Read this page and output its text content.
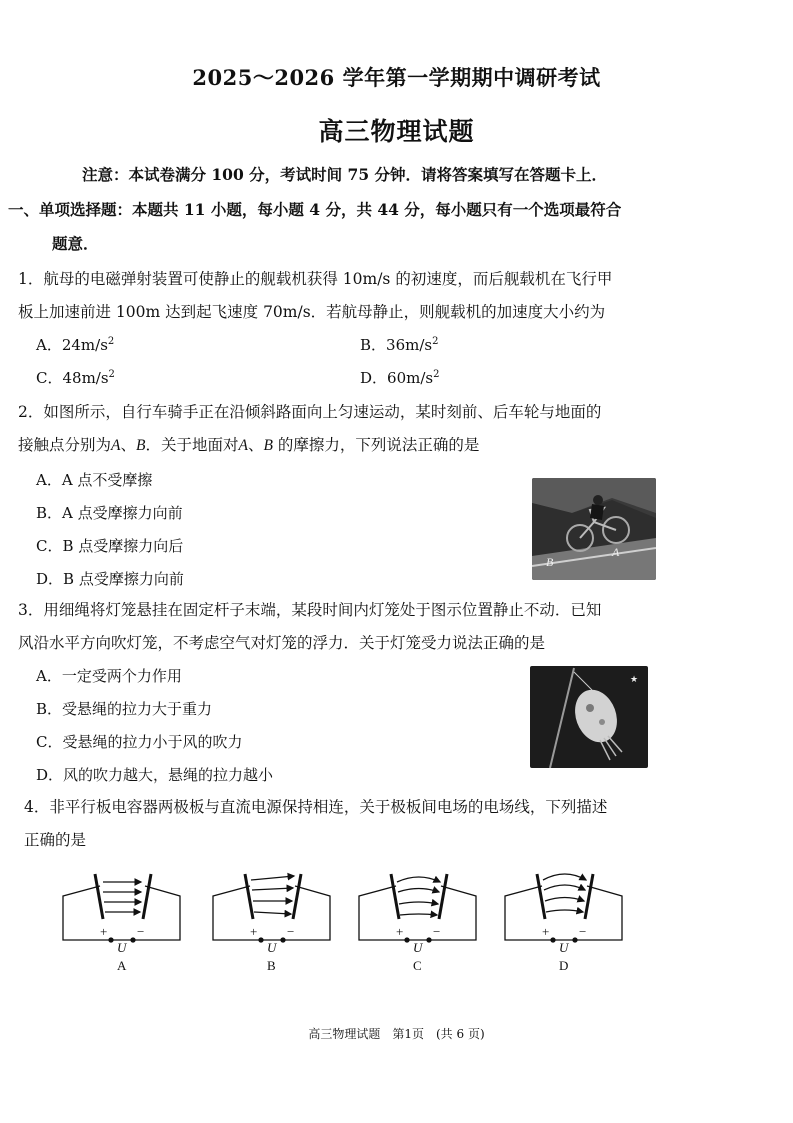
2025～2026 学年第一学期期中调研考试
高三物理试题
注意：本试卷满分 100 分，考试时间 75 分钟．请将答案填写在答题卡上．
一、单项选择题：本题共 11 小题，每小题 4 分，共 44 分，每小题只有一个选项最符合
题意．
1．航母的电磁弹射装置可使静止的舰载机获得 10m/s 的初速度，而后舰载机在飞行甲
板上加速前进 100m 达到起飞速度 70m/s．若航母静止，则舰载机的加速度大小约为
A．$24m/s^2$	B．$36m/s^2$
C．$48m/s^2$	D．$60m/s^2$
2．如图所示，自行车骑手正在沿倾斜路面向上匀速运动，某时刻前、后车轮与地面的
接触点分别为A、B．关于地面对A、B 的摩擦力，下列说法正确的是
A．A 点不受摩擦
B．A 点受摩擦力向前
C．B 点受摩擦力向后
D．B 点受摩擦力向前
B
A
3．用细绳将灯笼悬挂在固定杆子末端，某段时间内灯笼处于图示位置静止不动．已知
风沿水平方向吹灯笼，不考虑空气对灯笼的浮力．关于灯笼受力说法正确的是
A．一定受两个力作用
B．受悬绳的拉力大于重力
C．受悬绳的拉力小于风的吹力
D．风的吹力越大，悬绳的拉力越小
★
4．非平行板电容器两极板与直流电源保持相连，关于极板间电场的电场线，下列描述
正确的是
+ −
U
A
+ −
U
B
+ −
U
C
+ −
U
D
高三物理试题　第1页　(共 6 页)
